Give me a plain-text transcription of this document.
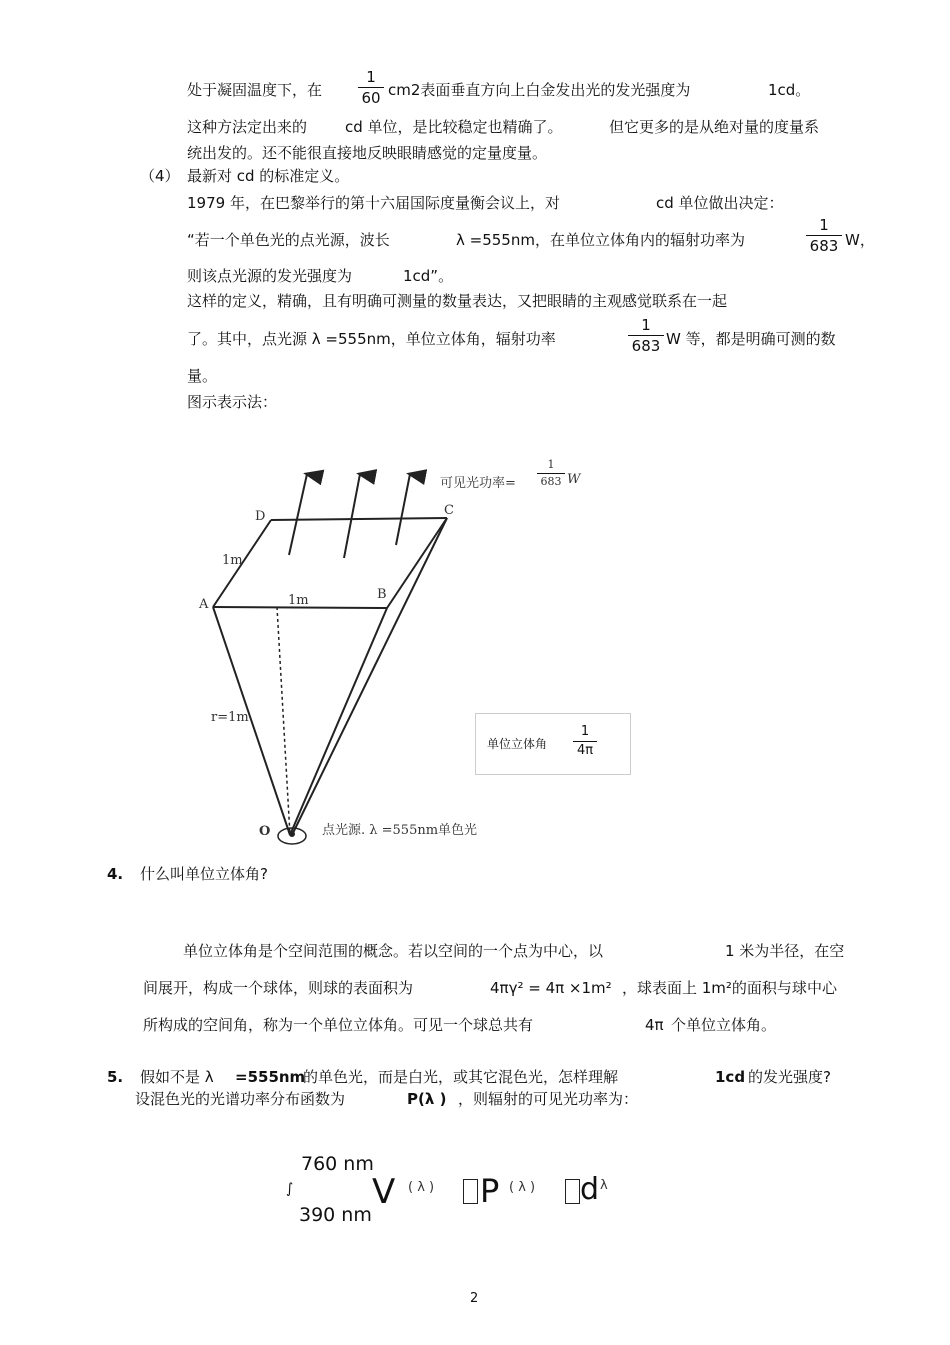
处于凝固温度下，在
1
60 cm2表面垂直方向上白金发出光的发光强度为	1cd。
这种方法定出来的	cd 单位，是比较稳定也精确了。	但它更多的是从绝对量的度量系
统出发的。还不能很直接地反映眼睛感觉的定量度量。
（4） 最新对 cd 的标准定义。
1979 年，在巴黎举行的第十六届国际度量衡会议上，对	cd 单位做出决定：
“若一个单色光的点光源，波长	λ =555nm，在单位立体角内的辐射功率为
1
683 W，
则该点光源的发光强度为	1cd”。
这样的定义，精确，且有明确可测量的数量表达，又把眼睛的主观感觉联系在一起
了。其中，点光源 λ =555nm，单位立体角，辐射功率
1
683 W 等，都是明确可测的数
量。
图示表示法：
可见光功率=
1
683 W
D	C
A
B
1m
1m
r=1m
O	点光源. λ =555nm单色光
单位立体角
1
4π
4. 什么叫单位立体角?
单位立体角是个空间范围的概念。若以空间的一个点为中心，以	1 米为半径，在空
间展开，构成一个球体，则球的表面积为	4πγ² = 4π ×1m² ，球表面上 1m²的面积与球中心
所构成的空间角，称为一个单位立体角。可见一个球总共有	4π 个单位立体角。
5. 假如不是 λ =555nm
的单色光，而是白光，或其它混色光，怎样理解	1cd 的发光强度?
设混色光的光谱功率分布函数为	P(λ ) ，则辐射的可见光功率为：
760 nm
∫
390 nm
V ( λ ) P ( λ ) d λ
2
